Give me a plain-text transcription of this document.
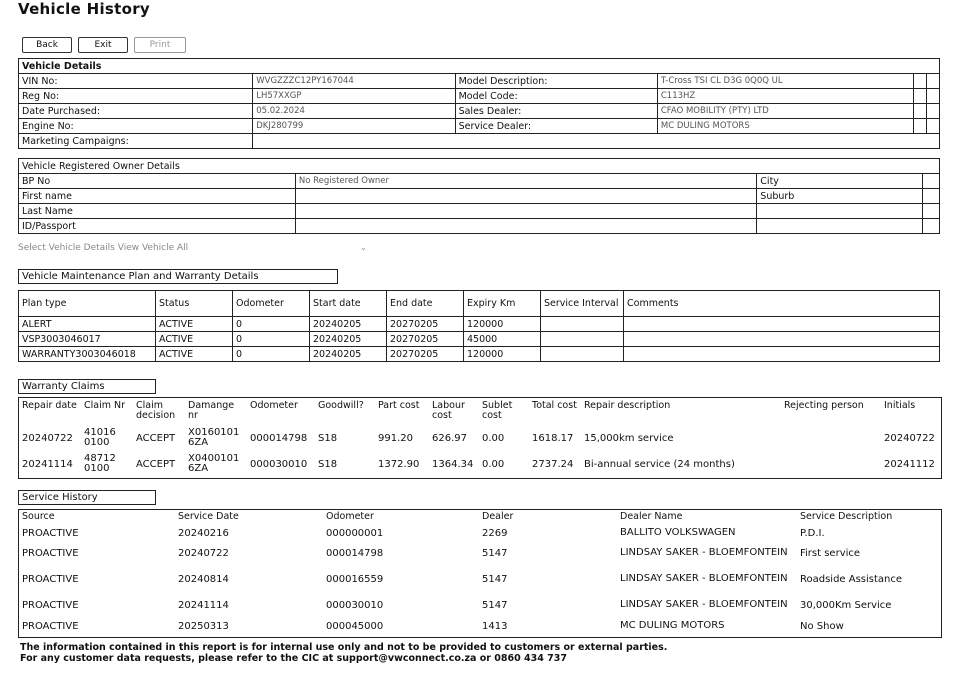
Vehicle History
Back	Exit	Print
Vehicle Details					
VIN No:	WVGZZZC12PY167044	Model Description:	T-Cross TSI CL D3G 0Q0Q UL		
Reg No:	LH57XXGP	Model Code:	C113HZ		
Date Purchased:	05.02.2024	Sales Dealer:	CFAO MOBILITY (PTY) LTD		
Engine No:	DKJ280799	Service Dealer:	MC DULING MOTORS		
Marketing Campaigns:					
Vehicle Registered Owner Details			
BP No	No Registered Owner	City	
First name		Suburb	
Last Name			
ID/Passport			
Select Vehicle Details View Vehicle All	⌄
Vehicle Maintenance Plan and Warranty Details
Plan type	Status	Odometer	Start date	End date	Expiry Km	Service Interval	Comments
ALERT	ACTIVE	0	20240205	20270205	120000		
VSP3003046017	ACTIVE	0	20240205	20270205	45000		
WARRANTY3003046018	ACTIVE	0	20240205	20270205	120000		
Warranty Claims
Repair date	Claim Nr	Claim decision	Damange nr	Odometer	Goodwill?	Part cost	Labour cost	Sublet cost	Total cost	Repair description	Rejecting person	Initials
20240722	41016 0100	ACCEPT	X0160101 6ZA	000014798	S18	991.20	626.97	0.00	1618.17	15,000km service		20240722
20241114	48712 0100	ACCEPT	X0400101 6ZA	000030010	S18	1372.90	1364.34	0.00	2737.24	Bi-annual service (24 months)		20241112
Service History
Source	Service Date	Odometer	Dealer	Dealer Name	Service Description
PROACTIVE	20240216	000000001	2269	BALLITO VOLKSWAGEN	P.D.I.
PROACTIVE	20240722	000014798	5147	LINDSAY SAKER - BLOEMFONTEIN	First service
PROACTIVE	20240814	000016559	5147	LINDSAY SAKER - BLOEMFONTEIN	Roadside Assistance
PROACTIVE	20241114	000030010	5147	LINDSAY SAKER - BLOEMFONTEIN	30,000Km Service
PROACTIVE	20250313	000045000	1413	MC DULING MOTORS	No Show
The information contained in this report is for internal use only and not to be provided to customers or external parties.
For any customer data requests, please refer to the CIC at support@vwconnect.co.za or 0860 434 737
